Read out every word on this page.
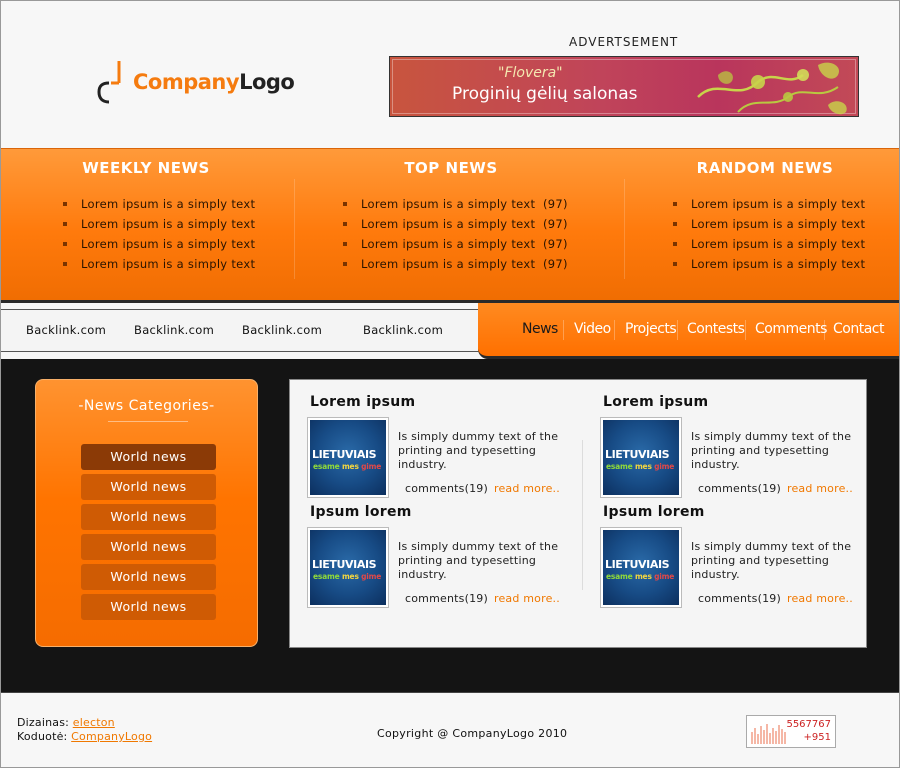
CompanyLogo
ADVERTSEMENT
"Flovera"
Proginių gėlių salonas
WEEKLY NEWS
Lorem ipsum is a simply text
Lorem ipsum is a simply text
Lorem ipsum is a simply text
Lorem ipsum is a simply text
TOP NEWS
Lorem ipsum is a simply text (97)
Lorem ipsum is a simply text (97)
Lorem ipsum is a simply text (97)
Lorem ipsum is a simply text (97)
RANDOM NEWS
Lorem ipsum is a simply text
Lorem ipsum is a simply text
Lorem ipsum is a simply text
Lorem ipsum is a simply text
Backlink.com Backlink.com Backlink.com	Backlink.com	News Video Projects Contests Comments Contact
-News Categories-
World news
World news
World news
World news
World news
World news
Lorem ipsum
LIETUVIAIS
esame mes gime
Is simply dummy text of the printing and typesetting industry.
comments(19) read more..
Lorem ipsum
LIETUVIAIS
esame mes gime
Is simply dummy text of the printing and typesetting industry.
comments(19) read more..
Ipsum lorem
LIETUVIAIS
esame mes gime
Is simply dummy text of the printing and typesetting industry.
comments(19) read more..
Ipsum lorem
LIETUVIAIS
esame mes gime
Is simply dummy text of the printing and typesetting industry.
comments(19) read more..
Dizainas: electon
Koduotė: CompanyLogo	Copyright @ CompanyLogo 2010
5567767
+951
